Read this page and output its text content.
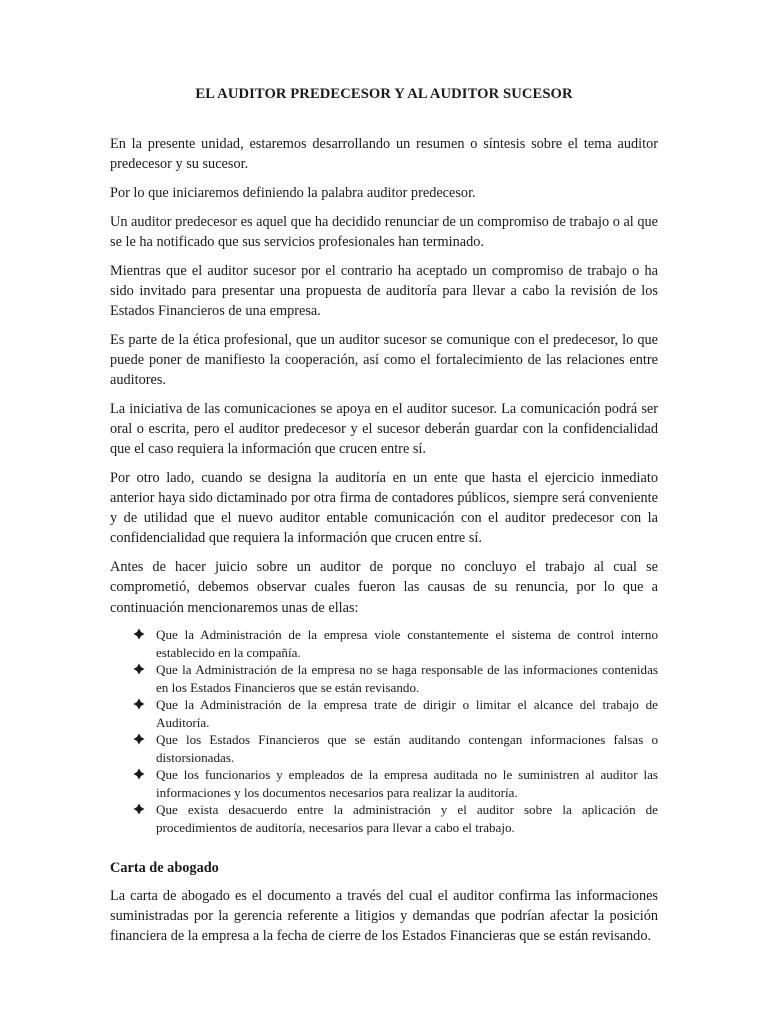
EL AUDITOR PREDECESOR Y AL AUDITOR SUCESOR

En la presente unidad, estaremos desarrollando un resumen o síntesis sobre el tema auditor predecesor y su sucesor.

Por lo que iniciaremos definiendo la palabra auditor predecesor.

Un auditor predecesor es aquel que ha decidido renunciar de un compromiso de trabajo o al que se le ha notificado que sus servicios profesionales han terminado.

Mientras que el auditor sucesor por el contrario ha aceptado un compromiso de trabajo o ha sido invitado para presentar una propuesta de auditoría para llevar a cabo la revisión de los Estados Financieros de una empresa.

Es parte de la ética profesional, que un auditor sucesor se comunique con el predecesor, lo que puede poner de manifiesto la cooperación, así como el fortalecimiento de las relaciones entre auditores.

La iniciativa de las comunicaciones se apoya en el auditor sucesor. La comunicación podrá ser oral o escrita, pero el auditor predecesor y el sucesor deberán guardar con la confidencialidad que el caso requiera la información que crucen entre sí.

Por otro lado, cuando se designa la auditoría en un ente que hasta el ejercicio inmediato anterior haya sido dictaminado por otra firma de contadores públicos, siempre será conveniente y de utilidad que el nuevo auditor entable comunicación con el auditor predecesor con la confidencialidad que requiera la información que crucen entre sí.

Antes de hacer juicio sobre un auditor de porque no concluyo el trabajo al cual se comprometió, debemos observar cuales fueron las causas de su renuncia, por lo que a continuación mencionaremos unas de ellas:

Que la Administración de la empresa viole constantemente el sistema de control interno establecido en la compañía.
Que la Administración de la empresa no se haga responsable de las informaciones contenidas en los Estados Financieros que se están revisando.
Que la Administración de la empresa trate de dirigir o limitar el alcance del trabajo de Auditoría.
Que los Estados Financieros que se están auditando contengan informaciones falsas o distorsionadas.
Que los funcionarios y empleados de la empresa auditada no le suministren al auditor las informaciones y los documentos necesarios para realizar la auditoría.
Que exista desacuerdo entre la administración y el auditor sobre la aplicación de procedimientos de auditoría, necesarios para llevar a cabo el trabajo.
Carta de abogado

La carta de abogado es el documento a través del cual el auditor confirma las informaciones suministradas por la gerencia referente a litigios y demandas que podrían afectar la posición financiera de la empresa a la fecha de cierre de los Estados Financieras que se están revisando.
